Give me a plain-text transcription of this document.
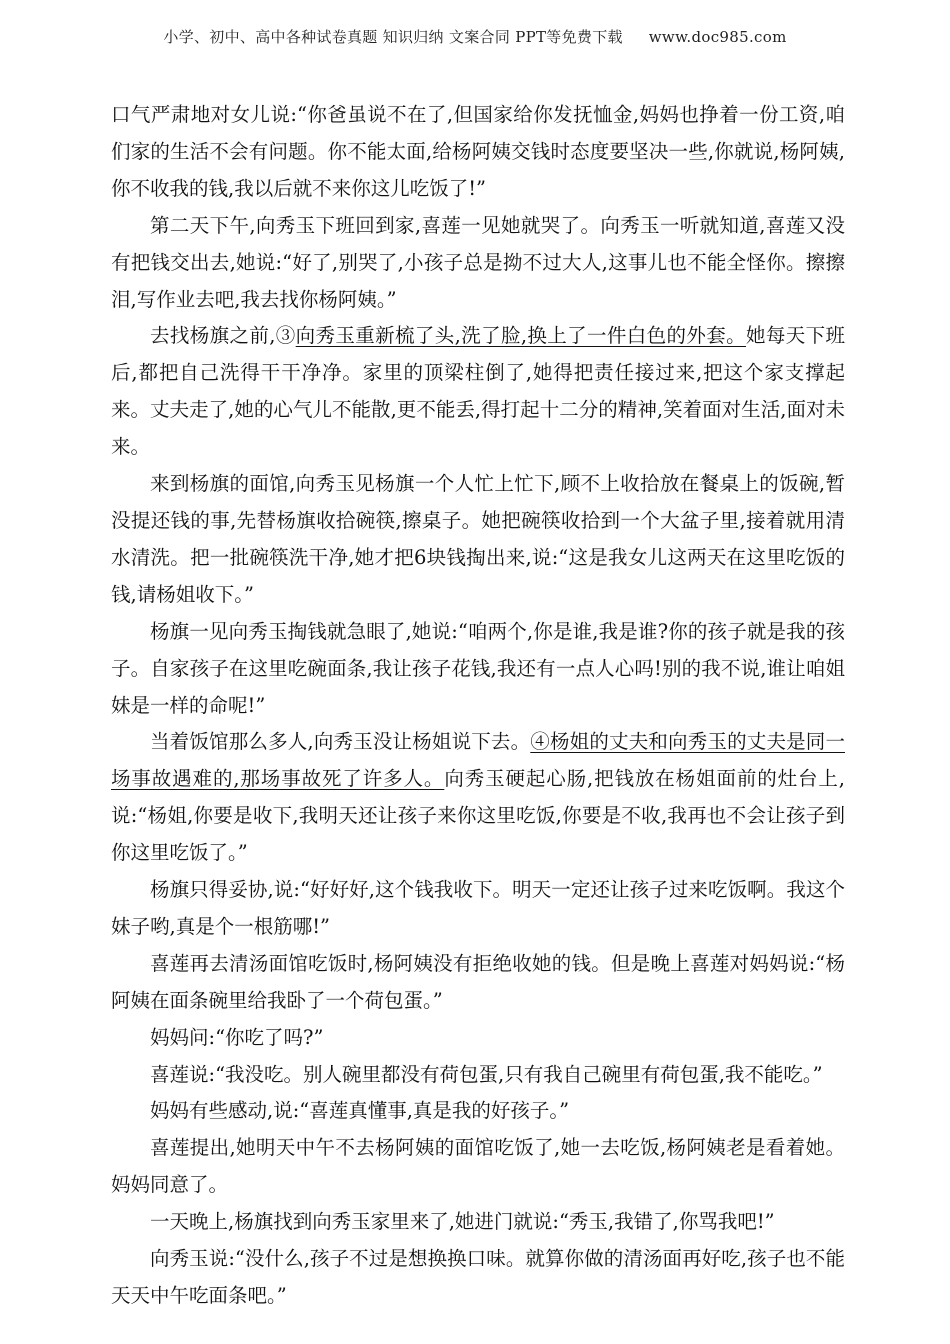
小学、初中、高中各种试卷真题 知识归纳 文案合同 PPT等免费下载 www.doc985.com

口气严肃地对女儿说:“你爸虽说不在了,但国家给你发抚恤金,妈妈也挣着一份工资,咱们家的生活不会有问题。你不能太面,给杨阿姨交钱时态度要坚决一些,你就说,杨阿姨,你不收我的钱,我以后就不来你这儿吃饭了!”

第二天下午,向秀玉下班回到家,喜莲一见她就哭了。向秀玉一听就知道,喜莲又没有把钱交出去,她说:“好了,别哭了,小孩子总是拗不过大人,这事儿也不能全怪你。擦擦泪,写作业去吧,我去找你杨阿姨。”

去找杨旗之前,③向秀玉重新梳了头,洗了脸,换上了一件白色的外套。她每天下班后,都把自己洗得干干净净。家里的顶梁柱倒了,她得把责任接过来,把这个家支撑起来。丈夫走了,她的心气儿不能散,更不能丢,得打起十二分的精神,笑着面对生活,面对未来。

来到杨旗的面馆,向秀玉见杨旗一个人忙上忙下,顾不上收拾放在餐桌上的饭碗,暂没提还钱的事,先替杨旗收拾碗筷,擦桌子。她把碗筷收拾到一个大盆子里,接着就用清水清洗。把一批碗筷洗干净,她才把6块钱掏出来,说:“这是我女儿这两天在这里吃饭的钱,请杨姐收下。”

杨旗一见向秀玉掏钱就急眼了,她说:“咱两个,你是谁,我是谁?你的孩子就是我的孩子。自家孩子在这里吃碗面条,我让孩子花钱,我还有一点人心吗!别的我不说,谁让咱姐妹是一样的命呢!”

当着饭馆那么多人,向秀玉没让杨姐说下去。④杨姐的丈夫和向秀玉的丈夫是同一场事故遇难的,那场事故死了许多人。向秀玉硬起心肠,把钱放在杨姐面前的灶台上,说:“杨姐,你要是收下,我明天还让孩子来你这里吃饭,你要是不收,我再也不会让孩子到你这里吃饭了。”

杨旗只得妥协,说:“好好好,这个钱我收下。明天一定还让孩子过来吃饭啊。我这个妹子哟,真是个一根筋哪!”

喜莲再去清汤面馆吃饭时,杨阿姨没有拒绝收她的钱。但是晚上喜莲对妈妈说:“杨阿姨在面条碗里给我卧了一个荷包蛋。”

妈妈问:“你吃了吗?”

喜莲说:“我没吃。别人碗里都没有荷包蛋,只有我自己碗里有荷包蛋,我不能吃。”

妈妈有些感动,说:“喜莲真懂事,真是我的好孩子。”

喜莲提出,她明天中午不去杨阿姨的面馆吃饭了,她一去吃饭,杨阿姨老是看着她。妈妈同意了。

一天晚上,杨旗找到向秀玉家里来了,她进门就说:“秀玉,我错了,你骂我吧!”

向秀玉说:“没什么,孩子不过是想换换口味。就算你做的清汤面再好吃,孩子也不能天天中午吃面条吧。”
